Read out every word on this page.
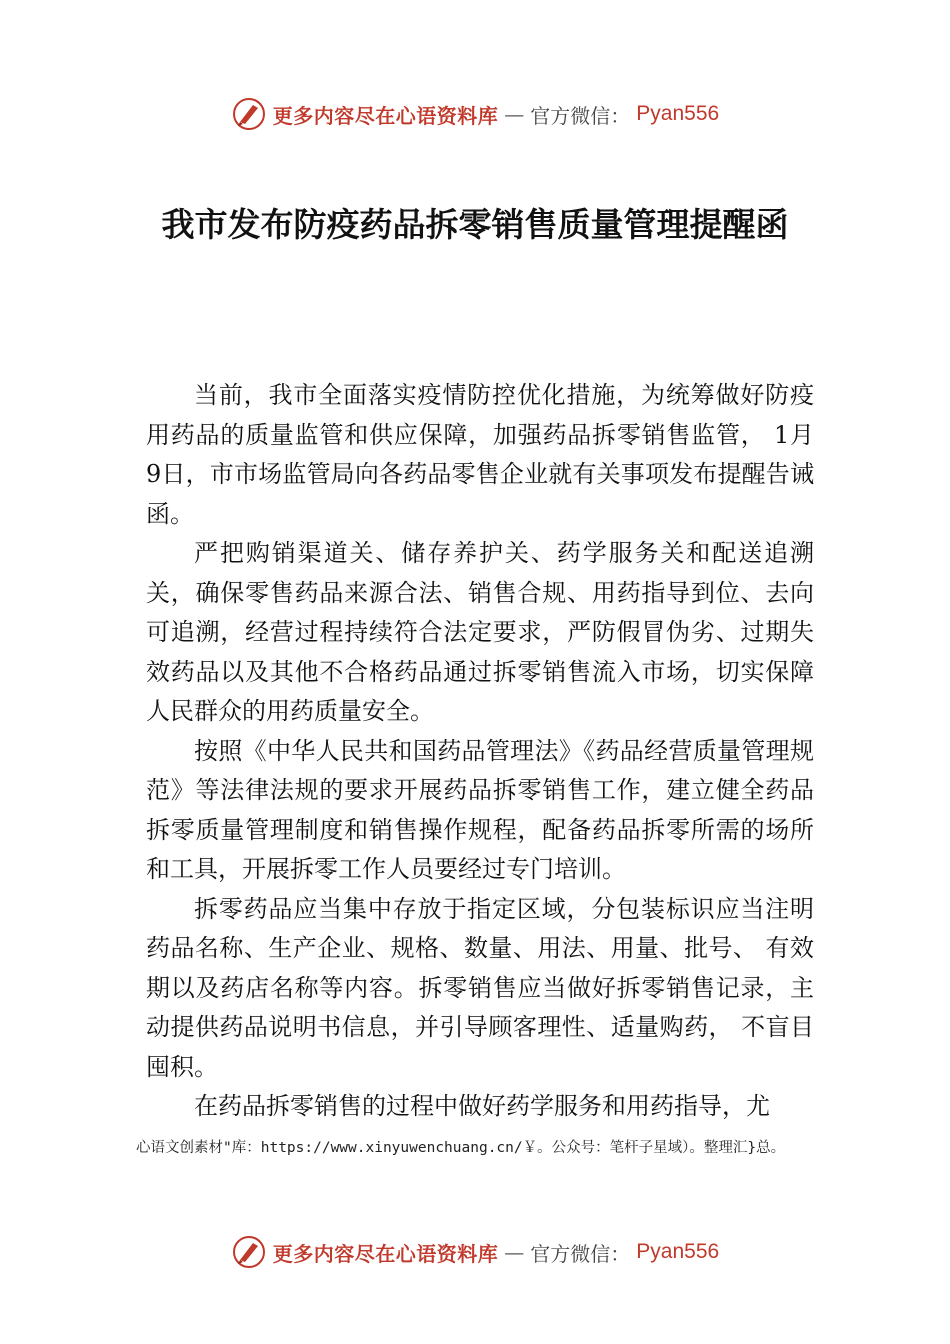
更多内容尽在心语资料库 — 官方微信： Pyan556
我市发布防疫药品拆零销售质量管理提醒函

当前，我市全面落实疫情防控优化措施，为统筹做好防疫用药品的质量监管和供应保障，加强药品拆零销售监管， 1月 9日，市市场监管局向各药品零售企业就有关事项发布提醒告诫函。

严把购销渠道关、储存养护关、药学服务关和配送追溯关，确保零售药品来源合法、销售合规、用药指导到位、去向可追溯，经营过程持续符合法定要求，严防假冒伪劣、过期失效药品以及其他不合格药品通过拆零销售流入市场，切实保障人民群众的用药质量安全。

按照《中华人民共和国药品管理法》《药品经营质量管理规范》等法律法规的要求开展药品拆零销售工作，建立健全药品拆零质量管理制度和销售操作规程，配备药品拆零所需的场所和工具，开展拆零工作人员要经过专门培训。

拆零药品应当集中存放于指定区域，分包装标识应当注明药品名称、生产企业、规格、数量、用法、用量、批号、 有效期以及药店名称等内容。拆零销售应当做好拆零销售记录，主动提供药品说明书信息，并引导顾客理性、适量购药， 不盲目囤积。

在药品拆零销售的过程中做好药学服务和用药指导，尤

心语文创素材"库：https://www.xinyuwenchuang.cn/￥。公众号：笔杆子星域）。整理汇}总。
更多内容尽在心语资料库 — 官方微信： Pyan556
